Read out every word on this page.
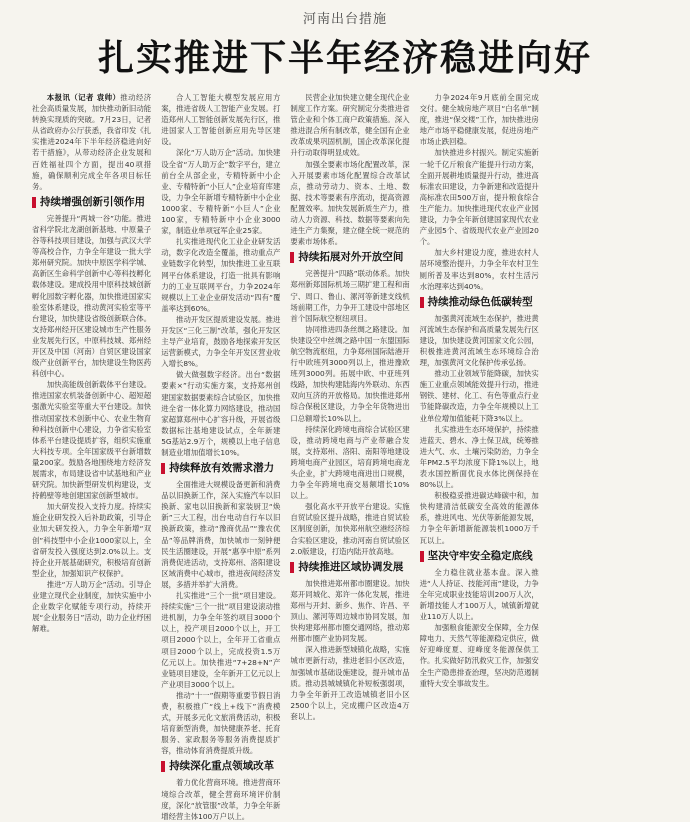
河南出台措施
扎实推进下半年经济稳进向好
本报讯（记者 袁帅）推动经济社会高质量发展，加快推动新旧动能转换实现质的突破。7月23日，记者从省政府办公厅获悉，我省印发《扎实推进2024年下半年经济稳进向好若干措施》，从带动经济企业发展和百姓福祉四个方面，提出40项措施，确保顺利完成全年各项目标任务。
持续增强创新引领作用
完善提升“两城一谷”功能。推进省科学院北龙湖创新基地、中原量子谷等科技项目建设，加强与武汉大学等高校合作，力争全年建设一批大学郑州研究院。加快中原医学科学城、高新区生命科学创新中心等科技孵化载体建设。建成投用中原科技城创新孵化园数字孵化器，加快推进国家实验室体系建设，推动黄河实验室等平台建设，加快建设省级创新联合体。支持郑州经开区建设城市生产性服务业发展先行区，中原科技城、郑州经开区及中国（河南）自贸区建设国家级产业创新平台，加快建设生物医药科创中心。
加快高能级创新载体平台建设。推进国家农机装备创新中心、超短超强激光实验室等重大平台建设。加快推动国家技术创新中心、农业生物育种科技创新中心建设，力争省实验室体系平台建设提质扩容，组织实施重大科技专项。全年国家级平台新增数量200家。鼓励各地围绕地方经济发展需求，布局建设省中试基地和产业研究院。加快新型研发机构建设，支持鹤壁等地创建国家创新型城市。
加大研发投入支持力度。持续实施企业研发投入后补助政策，引导企业加大研发投入，力争全年新增“双创”科技型中小企业1000家以上，全省研发投入强度达到2.0%以上。支持企业开展基础研究，积极培育创新型企业，加强知识产权保护。
推进“万人助万企”活动。引导企业建立现代企业制度，加快实施中小企业数字化赋能专项行动，持续开展“企业服务日”活动，助力企业纾困解难。
合人工智能大模型发展应用方案，推进省级人工智能产业发展。打造郑州人工智能创新发展先行区，推进国家人工智能创新应用先导区建设。
深化“万人助万企”活动。加快建设全省“万人助万企”数字平台，建立前台全从部企业，专精特新中小企业、专精特新“小巨人”企业培育库建设，力争全年新增专精特新中小企业1000家、专精特新“小巨人”企业100家，专精特新中小企业3000家，制造业单项冠军企业25家。
扎实推进现代化工业企业研发活动，数字化改造全覆盖，推动重点产业链数字化转型，加快推进工业互联网平台体系建设，打造一批具有影响力的工业互联网平台，力争2024年规模以上工业企业研发活动“四有”覆盖率达到60%。
推动开发区提质建设发展。推进开发区“三化三制”改革，强化开发区主导产业培育，鼓励各地探索开发区运营新模式，力争全年开发区营业收入增长8%。
做大做强数字经济。出台“数据要素×”行动实施方案，支持郑州创建国家数据要素综合试验区，加快推进全省一体化算力网络建设，推动国家超算郑州中心扩容升级，开展省级数据标注基地建设试点，全年新建5G基站2.9万个，规模以上电子信息制造业增加值增长10%。
持续释放有效需求潜力
全面推进大规模设备更新和消费品以旧换新工作，深入实施汽车以旧换新、家电以旧换新和家装厨卫“焕新”三大工程，出台电动自行车以旧换新政策，推动“豫商优品”“豫农优品”等品牌消费，加快城市一刻钟便民生活圈建设，开展“惠享中原”系列消费促进活动，支持郑州、洛阳建设区域消费中心城市，推进夜间经济发展，多措并举扩大消费。
扎实推进“三个一批”项目建设。持续实施“三个一批”项目建设滚动推进机制，力争全年签约项目3000个以上，投产项目2000个以上，开工项目2000个以上，全年开工省重点项目2000个以上，完成投资1.5万亿元以上。加快推进“7+28+N”产业链项目建设，全年新开工亿元以上产业项目3000个以上。
推动“十一”假期等重要节假日消费，积极推广“线上+线下”消费模式，开展多元化文旅消费活动，积极培育新型消费，加快健康养老、托育服务、家政服务等服务消费提质扩容，推动体育消费提质升级。
持续深化重点领域改革
着力优化营商环境。推进营商环境综合改革，健全营商环境评价制度，深化“放管服”改革，力争全年新增经营主体100万户以上。
民营企业加快建立健全现代企业制度工作方案。研究制定分类推进省管企业和个体工商户政策措施。深入推进混合所有制改革，健全国有企业改革成果巩固机制，国企改革深化提升行动取得明显成效。
加强全要素市场化配置改革，深入开展要素市场化配置综合改革试点，推动劳动力、资本、土地、数据、技术等要素有序流动，提高资源配置效率。加快发展新质生产力，推动人力资源、科技、数据等要素向先进生产力集聚，建立健全统一规范的要素市场体系。
持续拓展对外开放空间
完善提升“四路”联动体系。加快郑州新郑国际机场三期扩建工程和南宁、周口、鲁山、漯河等新建支线机场前期工作，力争开工建设中部地区首个国际航空枢纽项目。
协同推进四条丝绸之路建设。加快建设空中丝绸之路中国一东盟国际航空物流枢纽，力争郑州国际陆港开行中欧班列3000列以上，推进豫欧班列3000列。拓展中欧、中亚班列线路，加快构建陆海内外联动、东西双向互济的开放格局。加快推进郑州综合保税区建设，力争全年货物进出口总额增长10%以上。
持续深化跨境电商综合试验区建设，推动跨境电商与产业带融合发展，支持郑州、洛阳、南阳等地建设跨境电商产业园区，培育跨境电商龙头企业，扩大跨境电商进出口规模，力争全年跨境电商交易额增长10%以上。
强化高水平开放平台建设。实施自贸试验区提升战略，推进自贸试验区制度创新，加快郑州航空港经济综合实验区建设，推动河南自贸试验区2.0版建设，打造内陆开放高地。
持续推进区域协调发展
加快推进郑州都市圈建设。加快郑开同城化、郑许一体化发展，推进郑州与开封、新乡、焦作、许昌、平顶山、漯河等周边城市协同发展，加快构建郑州都市圈交通网络，推动郑州都市圈产业协同发展。
深入推进新型城镇化战略，实施城市更新行动，推进老旧小区改造，加强城市基础设施建设，提升城市品质。推动县城城镇化补短板强弱项，力争全年新开工改造城镇老旧小区2500个以上，完成棚户区改造4万套以上。
力争2024年9月底前全面完成交付。健全城房地产项目“白名单”制度，推进“保交楼”工作，加快推进房地产市场平稳健康发展，促进房地产市场止跌回稳。
加快推进乡村振兴。制定实施新一轮千亿斤粮食产能提升行动方案，全面开展耕地质量提升行动，推进高标准农田建设，力争新建和改造提升高标准农田500万亩，提升粮食综合生产能力。加快推进现代农业产业园建设，力争全年新创建国家现代农业产业园5个、省级现代农业产业园20个。
加大乡村建设力度，推进农村人居环境整治提升，力争全年农村卫生厕所普及率达到80%，农村生活污水治理率达到40%。
持续推动绿色低碳转型
加强黄河流域生态保护，推进黄河流域生态保护和高质量发展先行区建设，加快建设黄河国家文化公园，积极推进黄河流域生态环境综合治理，加强黄河文化保护传承弘扬。
推动工业领域节能降碳，加快实施工业重点领域能效提升行动，推进钢铁、建材、化工、有色等重点行业节能降碳改造，力争全年规模以上工业单位增加值能耗下降3%以上。
扎实推进生态环境保护，持续推进蓝天、碧水、净土保卫战，统筹推进大气、水、土壤污染防治，力争全年PM2.5平均浓度下降1%以上，地表水国控断面优良水体比例保持在80%以上。
积极稳妥推进碳达峰碳中和，加快构建清洁低碳安全高效的能源体系，推进风电、光伏等新能源发展，力争全年新增新能源装机1000万千瓦以上。
坚决守牢安全稳定底线
全力稳住就业基本盘。深入推进“人人持证、技能河南”建设，力争全年完成职业技能培训200万人次，新增技能人才100万人，城镇新增就业110万人以上。
加强粮食能源安全保障，全力保障电力、天然气等能源稳定供应，做好迎峰度夏、迎峰度冬能源保供工作。扎实做好防汛救灾工作，加强安全生产隐患排查治理，坚决防范遏制重特大安全事故发生。
